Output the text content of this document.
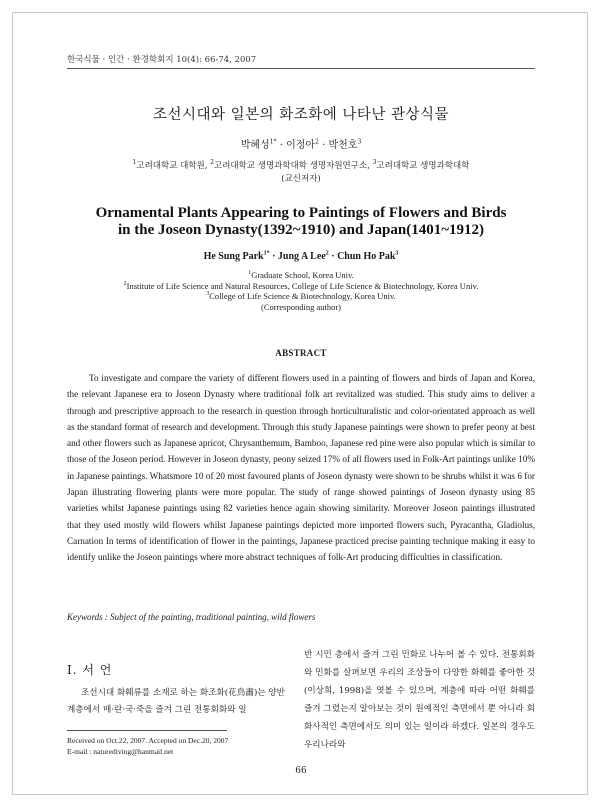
한국식물 · 인간 · 환경학회지 10(4): 66-74, 2007
조선시대와 일본의 화조화에 나타난 관상식물
박혜성$^{1*}$ · 이정아$^2$ · 박천호$^3$
$^1$고려대학교 대학원, $^2$고려대학교 생명과학대학 생명자원연구소, $^3$고려대학교 생명과학대학
(교신저자)
Ornamental Plants Appearing to Paintings of Flowers and Birds
in the Joseon Dynasty(1392~1910) and Japan(1401~1912)
He Sung Park$^{1*}$ · Jung A Lee$^2$ · Chun Ho Pak$^3$
$^1$Graduate School, Korea Univ.
$^2$Institute of Life Science and Natural Resources, College of Life Science & Biotechnology, Korea Univ.
$^3$College of Life Science & Biotechnology, Korea Univ.
(Corresponding author)
ABSTRACT

To investigate and compare the variety of different flowers used in a painting of flowers and birds of Japan and Korea, the relevant Japanese era to Joseon Dynasty where traditional folk art revitalized was studied. This study aims to deliver a through and prescriptive approach to the research in question through horticulturalistic and color-orientated approach as well as the standard format of research and development. Through this study Japanese paintings were shown to prefer peony at best and other flowers such as Japanese apricot, Chrysanthemum, Bamboo, Japanese red pine were also popular which is similar to those of the Joseon period. However in Joseon dynasty, peony seized 17% of all flowers used in Folk-Art paintings unlike 10% in Japanese paintings. Whatsmore 10 of 20 most favoured plants of Joseon dynasty were shown to be shrubs whilst it was 6 for Japan illustrating flowering plants were more popular. The study of range showed paintings of Joseon dynasty using 85 varieties whilst Japanese paintings using 82 varieties hence again showing similarity. Moreover Joseon paintings illustrated that they used mostly wild flowers whilst Japanese paintings depicted more imported flowers such, Pyracantha, Gladiolus, Carnation In terms of identification of flower in the paintings, Japanese practiced precise painting technique making it easy to identify unlike the Joseon paintings where more abstract techniques of folk-Art producing difficulties in classification.

Keywords : Subject of the painting, traditional painting, wild flowers
Ⅰ. 서 언

조선시대 화훼류를 소재로 하는 화조화(花鳥畵)는 양반계층에서 매·란·국·죽을 즐겨 그린 전통회화와 일

반 시민 층에서 즐겨 그린 민화로 나누어 볼 수 있다. 전통회화와 민화를 살펴보면 우리의 조상들이 다양한 화훼를 좋아한 것(이상희, 1998)을 엿볼 수 있으며, 계층에 따라 어떤 화훼를 즐겨 그렸는지 알아보는 것이 원예적인 측면에서 뿐 아니라 회화사적인 측면에서도 의미 있는 일이라 하겠다. 일본의 경우도 우리나라와

Received on Oct.22, 2007. Accepted on Dec.20, 2007
E-mail : naturediving@hanmail.net
66
